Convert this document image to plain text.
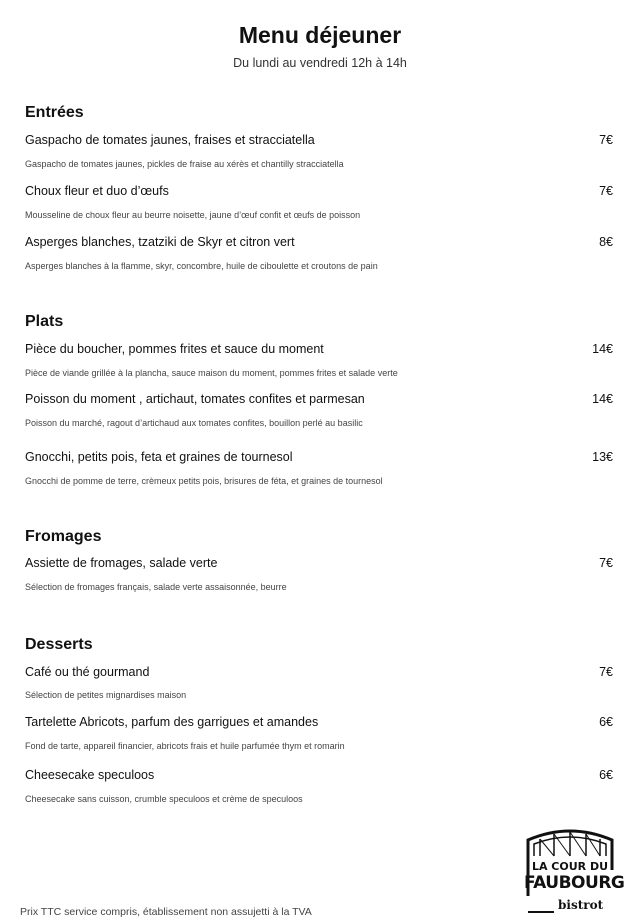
Menu déjeuner
Du lundi au vendredi 12h à 14h
Entrées
Gaspacho de tomates jaunes, fraises et stracciatella	7€
Gaspacho de tomates jaunes, pickles de fraise au xérès et chantilly stracciatella
Choux fleur et duo d’œufs	7€
Mousseline de choux fleur au beurre noisette, jaune d’œuf confit et œufs de poisson
Asperges blanches, tzatziki de Skyr et citron vert	8€
Asperges blanches à la flamme, skyr, concombre, huile de ciboulette et croutons de pain
Plats
Pièce du boucher, pommes frites et sauce du moment	14€
Pièce de viande grillée à la plancha, sauce maison du moment, pommes frites et salade verte
Poisson du moment , artichaut, tomates confites et parmesan	14€
Poisson du marché, ragout d’artichaud aux tomates confites, bouillon perlé au basilic
Gnocchi, petits pois, feta et graines de tournesol	13€
Gnocchi de pomme de terre, crèmeux petits pois, brisures de féta, et graines de tournesol
Fromages
Assiette de fromages, salade verte	7€
Sélection de fromages français, salade verte assaisonnée, beurre
Desserts
Café ou thé gourmand	7€
Sélection de petites mignardises maison
Tartelette Abricots, parfum des garrigues et amandes	6€
Fond de tarte, appareil financier, abricots frais et huile parfumée thym et romarin
Cheesecake speculoos	6€
Cheesecake sans cuisson, crumble speculoos et crème de speculoos
LA COUR DU
FAUBOURG
bistrot
Prix TTC service compris, établissement non assujetti à la TVA
